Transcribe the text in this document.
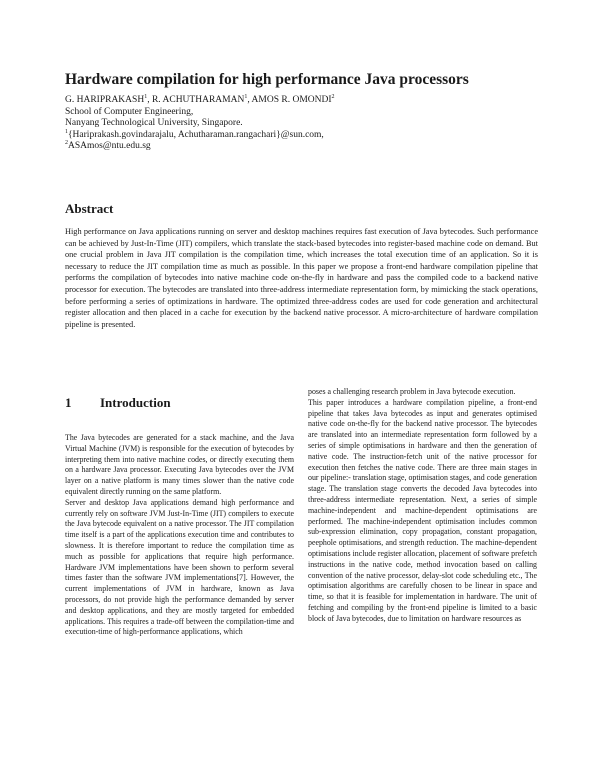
Hardware compilation for high performance Java processors
G. HARIPRAKASH$^1$, R. ACHUTHARAMAN$^1$, AMOS R. OMONDI$^2$
School of Computer Engineering,
Nanyang Technological University, Singapore.
$^1${Hariprakash.govindarajalu, Achutharaman.rangachari}@sun.com,
$^2$ASAmos@ntu.edu.sg
Abstract

High performance on Java applications running on server and desktop machines requires fast execution of Java bytecodes. Such performance can be achieved by Just-In-Time (JIT) compilers, which translate the stack-based bytecodes into register-based machine code on demand. But one crucial problem in Java JIT compilation is the compilation time, which increases the total execution time of an application. So it is necessary to reduce the JIT compilation time as much as possible. In this paper we propose a front-end hardware compilation pipeline that performs the compilation of bytecodes into native machine code on-the-fly in hardware and pass the compiled code to a backend native processor for execution. The bytecodes are translated into three-address intermediate representation form, by mimicking the stack operations, before performing a series of optimizations in hardware. The optimized three-address codes are used for code generation and architectural register allocation and then placed in a cache for execution by the backend native processor. A micro-architecture of hardware compilation pipeline is presented.

1 Introduction

The Java bytecodes are generated for a stack machine, and the Java Virtual Machine (JVM) is responsible for the execution of bytecodes by interpreting them into native machine codes, or directly executing them on a hardware Java processor. Executing Java bytecodes over the JVM layer on a native platform is many times slower than the native code equivalent directly running on the same platform.

Server and desktop Java applications demand high performance and currently rely on software JVM Just-In-Time (JIT) compilers to execute the Java bytecode equivalent on a native processor. The JIT compilation time itself is a part of the applications execution time and contributes to slowness. It is therefore important to reduce the compilation time as much as possible for applications that require high performance. Hardware JVM implementations have been shown to perform several times faster than the software JVM implementations[7]. However, the current implementations of JVM in hardware, known as Java processors, do not provide high the performance demanded by server and desktop applications, and they are mostly targeted for embedded applications. This requires a trade-off between the compilation-time and execution-time of high-performance applications, which

poses a challenging research problem in Java bytecode execution.

This paper introduces a hardware compilation pipeline, a front-end pipeline that takes Java bytecodes as input and generates optimised native code on-the-fly for the backend native processor. The bytecodes are translated into an intermediate representation form followed by a series of simple optimisations in hardware and then the generation of native code. The instruction-fetch unit of the native processor for execution then fetches the native code. There are three main stages in our pipeline:- translation stage, optimisation stages, and code generation stage. The translation stage converts the decoded Java bytecodes into three-address intermediate representation. Next, a series of simple machine-independent and machine-dependent optimisations are performed. The machine-independent optimisation includes common sub-expression elimination, copy propagation, constant propagation, peephole optimisations, and strength reduction. The machine-dependent optimisations include register allocation, placement of software prefetch instructions in the native code, method invocation based on calling convention of the native processor, delay-slot code scheduling etc., The optimisation algorithms are carefully chosen to be linear in space and time, so that it is feasible for implementation in hardware. The unit of fetching and compiling by the front-end pipeline is limited to a basic block of Java bytecodes, due to limitation on hardware resources as
